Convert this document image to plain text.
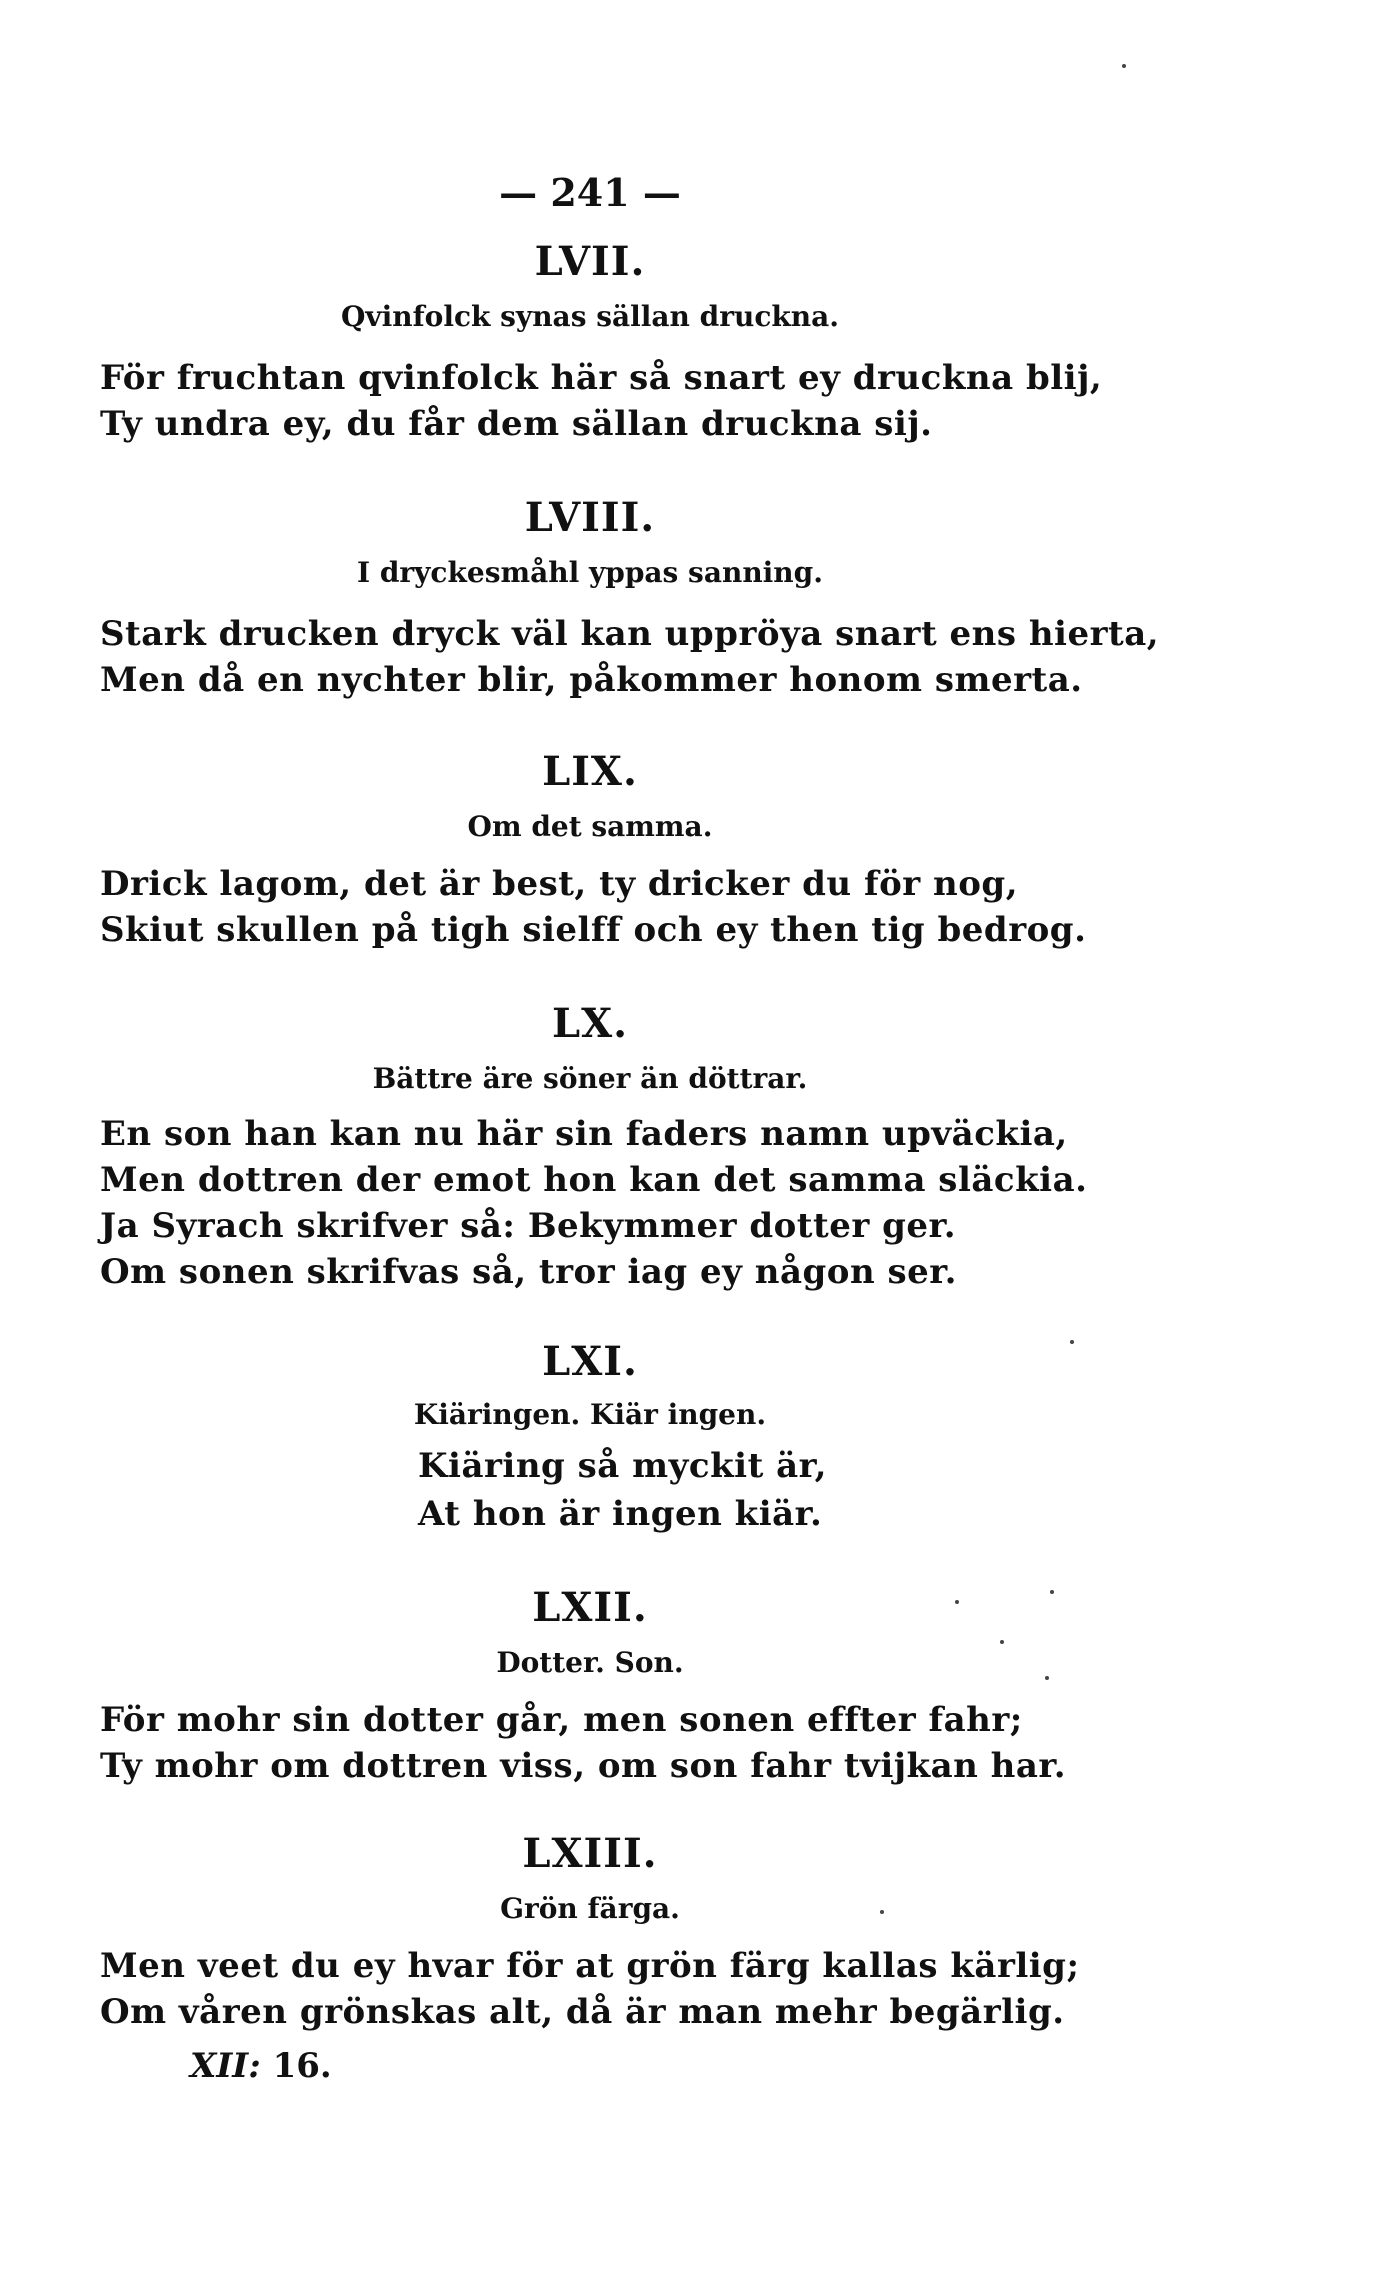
— 241 —
LVII.
Qvinfolck synas sällan druckna.
För fruchtan qvinfolck här så snart ey druckna blij,
Ty undra ey, du får dem sällan druckna sij.
LVIII.
I dryckesmåhl yppas sanning.
Stark drucken dryck väl kan uppröya snart ens hierta,
Men då en nychter blir, påkommer honom smerta.
LIX.
Om det samma.
Drick lagom, det är best, ty dricker du för nog,
Skiut skullen på tigh sielff och ey then tig bedrog.
LX.
Bättre äre söner än döttrar.
En son han kan nu här sin faders namn upväckia,
Men dottren der emot hon kan det samma släckia.
Ja Syrach skrifver så: Bekymmer dotter ger.
Om sonen skrifvas så, tror iag ey någon ser.
LXI.
Kiäringen. Kiär ingen.
Kiäring så myckit är,
At hon är ingen kiär.
LXII.
Dotter. Son.
För mohr sin dotter går, men sonen effter fahr;
Ty mohr om dottren viss, om son fahr tvijkan har.
LXIII.
Grön färga.
Men veet du ey hvar för at grön färg kallas kärlig;
Om våren grönskas alt, då är man mehr begärlig.
XII: 16.
